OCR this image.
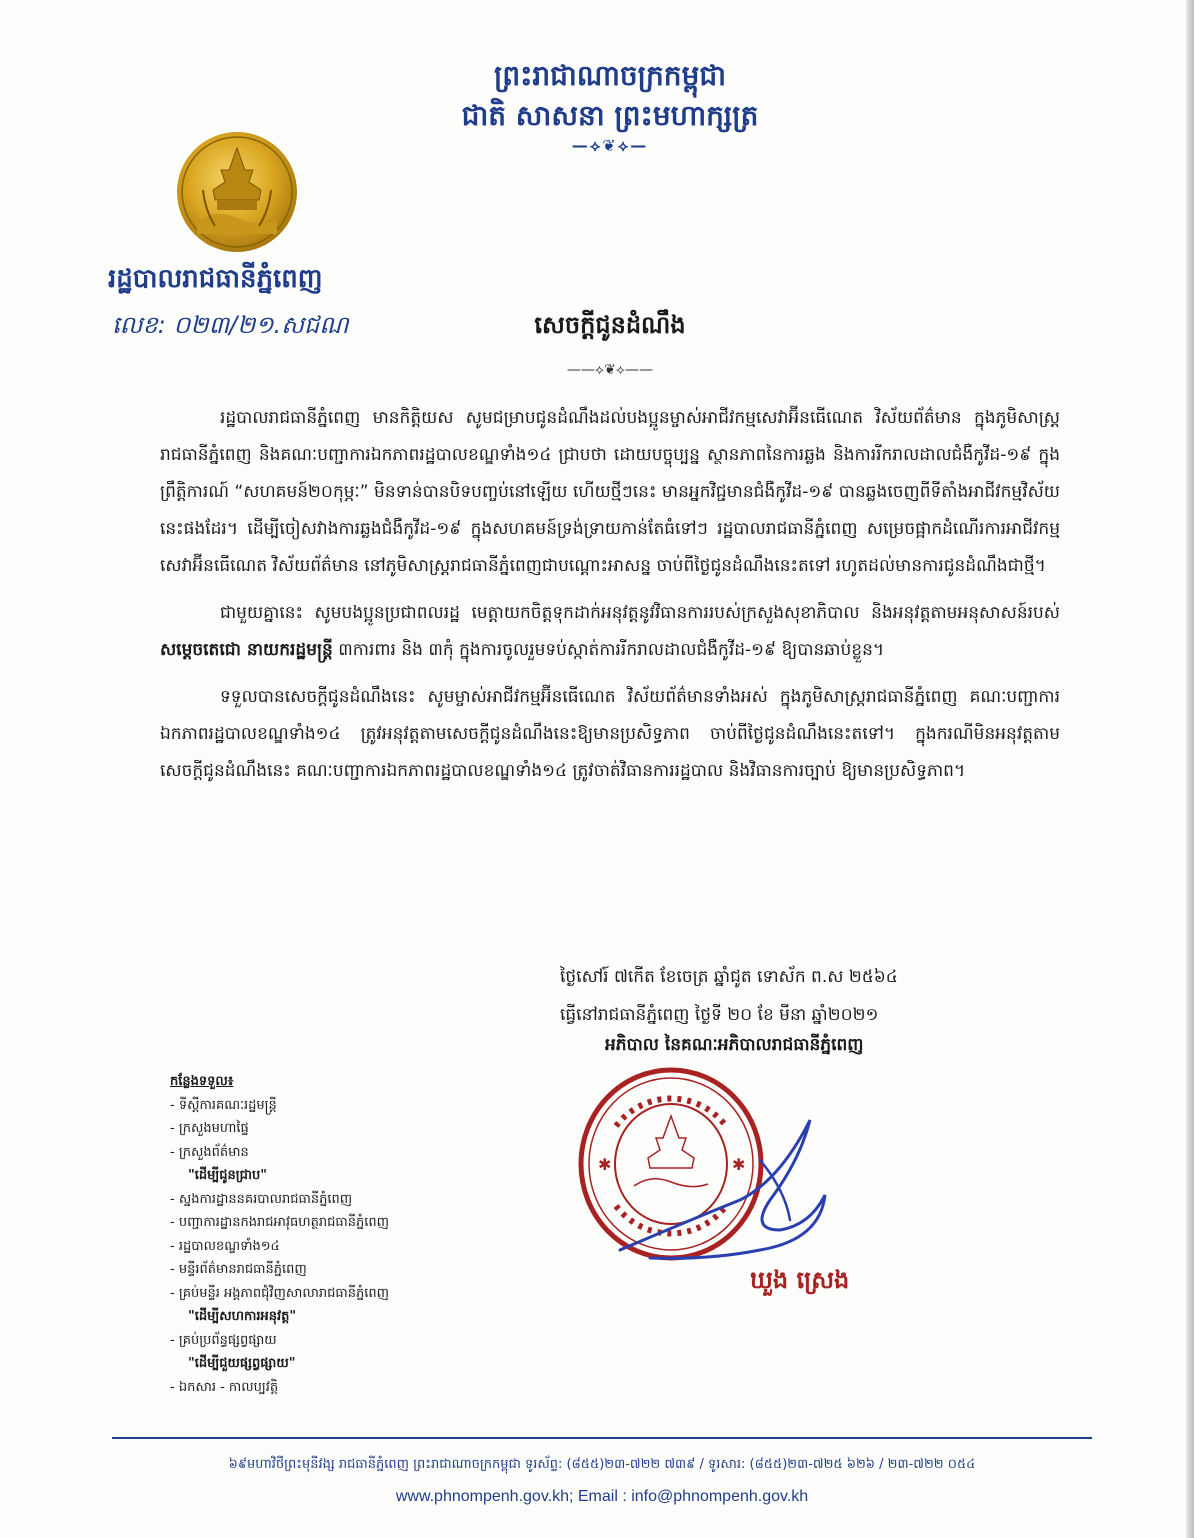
ព្រះរាជាណាចក្រកម្ពុជា
ជាតិ សាសនា ព្រះមហាក្សត្រ
—⟡❦⟡—
រដ្ឋបាលរាជធានីភ្នំពេញ
លេខ: ០២៣/២១.សជណ	សេចក្ដីជូនដំណឹង
——⟡❦⟡——

រដ្ឋបាលរាជធានីភ្នំពេញ មានកិត្តិយស សូមជម្រាបជូនដំណឹងដល់បងប្អូនម្ចាស់អាជីវកម្មសេវាអ៊ីនធើណេត វិស័យព័ត៌មាន ក្នុងភូមិសាស្ត្ររាជធានីភ្នំពេញ និងគណៈបញ្ជាការឯកភាពរដ្ឋបាលខណ្ឌទាំង១៤ ជ្រាបថា ដោយបច្ចុប្បន្ន ស្ថានភាពនៃការឆ្លង និងការរីករាលដាលជំងឺកូវីដ-១៩ ក្នុងព្រឹត្តិការណ៍ “សហគមន៍២០កុម្ភៈ” មិនទាន់បានបិទបញ្ចប់នៅឡើយ ហើយថ្មីៗនេះ មានអ្នកវិជ្ជមានជំងឺកូវីដ-១៩ បានឆ្លងចេញពីទីតាំងអាជីវកម្មវិស័យនេះផងដែរ។ ដើម្បីចៀសវាងការឆ្លងជំងឺកូវីដ-១៩ ក្នុងសហគមន៍ទ្រង់ទ្រាយកាន់តែធំទៅៗ រដ្ឋបាលរាជធានីភ្នំពេញ សម្រេចផ្អាកដំណើរការអាជីវកម្មសេវាអ៊ីនធើណេត វិស័យព័ត៌មាន នៅភូមិសាស្ត្ររាជធានីភ្នំពេញជាបណ្ដោះអាសន្ន ចាប់ពីថ្ងៃជូនដំណឹងនេះតទៅ រហូតដល់មានការជូនដំណឹងជាថ្មី។

ជាមួយគ្នានេះ សូមបងប្អូនប្រជាពលរដ្ឋ មេត្តាយកចិត្តទុកដាក់អនុវត្តនូវវិធានការរបស់ក្រសួងសុខាភិបាល និងអនុវត្តតាមអនុសាសន៍របស់ សម្ដេចតេជោ នាយករដ្ឋមន្ត្រី ៣ការពារ និង ៣កុំ ក្នុងការចូលរួមទប់ស្កាត់ការរីករាលដាលជំងឺកូវីដ-១៩ ឱ្យបានឆាប់ខ្លួន។

ទទួលបានសេចក្ដីជូនដំណឹងនេះ សូមម្ចាស់អាជីវកម្មអ៊ីនធើណេត វិស័យព័ត៌មានទាំងអស់ ក្នុងភូមិសាស្ត្ររាជធានីភ្នំពេញ គណៈបញ្ជាការឯកភាពរដ្ឋបាលខណ្ឌទាំង១៤ ត្រូវអនុវត្តតាមសេចក្ដីជូនដំណឹងនេះឱ្យមានប្រសិទ្ធភាព ចាប់ពីថ្ងៃជូនដំណឹងនេះតទៅ។ ក្នុងករណីមិនអនុវត្តតាមសេចក្ដីជូនដំណឹងនេះ គណៈបញ្ជាការឯកភាពរដ្ឋបាលខណ្ឌទាំង១៤ ត្រូវចាត់វិធានការរដ្ឋបាល និងវិធានការច្បាប់ ឱ្យមានប្រសិទ្ធភាព។

ថ្ងៃសៅរ៍ ៧កើត ខែចេត្រ ឆ្នាំជូត ទោស័ក ព.ស ២៥៦៤
ធ្វើនៅរាជធានីភ្នំពេញ ថ្ងៃទី ២០ ខែ មីនា ឆ្នាំ២០២១
អភិបាល នៃគណៈអភិបាលរាជធានីភ្នំពេញ
កន្លែងទទួល៖
- ទីស្ដីការគណៈរដ្ឋមន្ត្រី
- ក្រសួងមហាផ្ទៃ
- ក្រសួងព័ត៌មាន
"ដើម្បីជូនជ្រាប"
- ស្នងការដ្ឋាននគរបាលរាជធានីភ្នំពេញ
- បញ្ជាការដ្ឋានកងរាជអាវុធហត្ថរាជធានីភ្នំពេញ
- រដ្ឋបាលខណ្ឌទាំង១៤
- មន្ទីរព័ត៌មានរាជធានីភ្នំពេញ
- គ្រប់មន្ទីរ អង្គភាពជុំវិញសាលារាជធានីភ្នំពេញ
"ដើម្បីសហការអនុវត្ត"
- គ្រប់ប្រព័ន្ធផ្សព្វផ្សាយ
"ដើម្បីជួយផ្សព្វផ្សាយ"
- ឯកសារ - កាលប្បវត្តិ
✱	✱
ឃួង ស្រេង
៦៩មហាវិថីព្រះមុនីវង្ស រាជធានីភ្នំពេញ ព្រះរាជាណាចក្រកម្ពុជា ទូរស័ព្ទ: (៨៥៥)២៣-៧២២ ៧៣៩ / ទូរសារ: (៨៥៥)២៣-៧២៥ ៦២៦ / ២៣-៧២២ ០៥៤
www.phnompenh.gov.kh; Email : info@phnompenh.gov.kh
